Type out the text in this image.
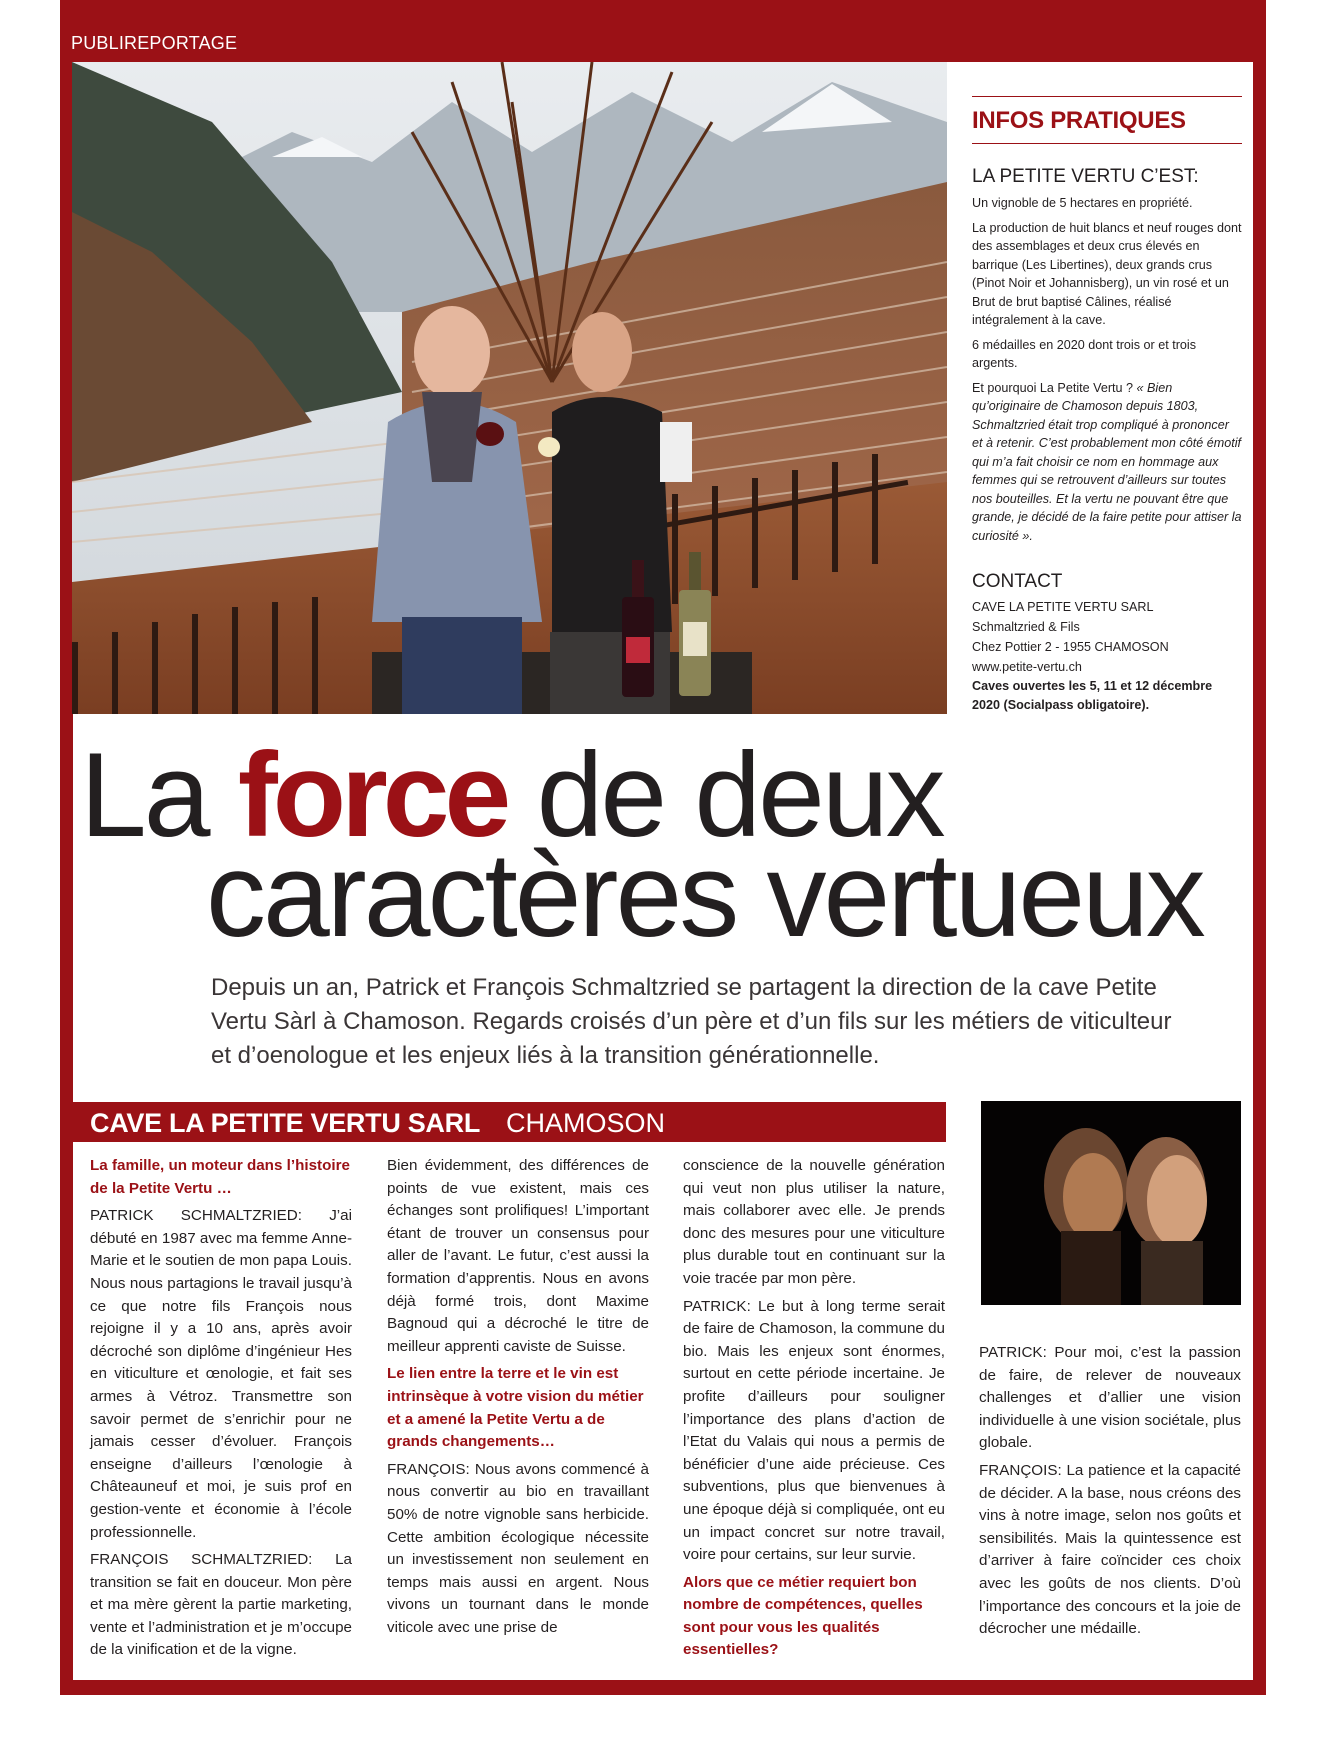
PUBLIREPORTAGE
INFOS PRATIQUES
LA PETITE VERTU C’EST:

Un vignoble de 5 hectares en propriété.

La production de huit blancs et neuf rouges dont des assemblages et deux crus élevés en barrique (Les Libertines), deux grands crus (Pinot Noir et Johannisberg), un vin rosé et un Brut de brut baptisé Câlines, réalisé intégralement à la cave.

6 médailles en 2020 dont trois or et trois argents.

Et pourquoi La Petite Vertu ? « Bien qu’originaire de Chamoson depuis 1803, Schmaltzried était trop compliqué à prononcer et à retenir. C’est probablement mon côté émotif qui m’a fait choisir ce nom en hommage aux femmes qui se retrouvent d’ailleurs sur toutes nos bouteilles. Et la vertu ne pouvant être que grande, je décidé de la faire petite pour attiser la curiosité ».

CONTACT
CAVE LA PETITE VERTU SARL
Schmaltzried & Fils
Chez Pottier 2 - 1955 CHAMOSON
www.petite-vertu.ch
Caves ouvertes les 5, 11 et 12 décembre 2020 (Socialpass obligatoire).
La force de deux
caractères vertueux
Depuis un an, Patrick et François Schmaltzried se partagent la direction de la cave Petite Vertu Sàrl à Chamoson. Regards croisés d’un père et d’un fils sur les métiers de viticulteur et d’oenologue et les enjeux liés à la transition générationnelle.
CAVE LA PETITE VERTU SARL CHAMOSON

La famille, un moteur dans l’histoire de la Petite Vertu …

PATRICK SCHMALTZRIED: J’ai débuté en 1987 avec ma femme Anne-Marie et le soutien de mon papa Louis. Nous nous partagions le travail jusqu’à ce que notre fils François nous rejoigne il y a 10 ans, après avoir décroché son diplôme d’ingénieur Hes en viticulture et œnologie, et fait ses armes à Vétroz. Transmettre son savoir permet de s’enrichir pour ne jamais cesser d’évoluer. François enseigne d’ailleurs l’œnologie à Châteauneuf et moi, je suis prof en gestion-vente et économie à l’école professionnelle.

FRANÇOIS SCHMALTZRIED: La transition se fait en douceur. Mon père et ma mère gèrent la partie marketing, vente et l’administration et je m’occupe de la vinification et de la vigne.

Bien évidemment, des différences de points de vue existent, mais ces échanges sont prolifiques! L’important étant de trouver un consensus pour aller de l’avant. Le futur, c’est aussi la formation d’apprentis. Nous en avons déjà formé trois, dont Maxime Bagnoud qui a décroché le titre de meilleur apprenti caviste de Suisse.

Le lien entre la terre et le vin est intrinsèque à votre vision du métier et a amené la Petite Vertu a de grands changements…

FRANÇOIS: Nous avons commencé à nous convertir au bio en travaillant 50% de notre vignoble sans herbicide. Cette ambition écologique nécessite un investissement non seulement en temps mais aussi en argent. Nous vivons un tournant dans le monde viticole avec une prise de

conscience de la nouvelle génération qui veut non plus utiliser la nature, mais collaborer avec elle. Je prends donc des mesures pour une viticulture plus durable tout en continuant sur la voie tracée par mon père.

PATRICK: Le but à long terme serait de faire de Chamoson, la commune du bio. Mais les enjeux sont énormes, surtout en cette période incertaine. Je profite d’ailleurs pour souligner l’importance des plans d’action de l’Etat du Valais qui nous a permis de bénéficier d’une aide précieuse. Ces subventions, plus que bienvenues à une époque déjà si compliquée, ont eu un impact concret sur notre travail, voire pour certains, sur leur survie.

Alors que ce métier requiert bon nombre de compétences, quelles sont pour vous les qualités essentielles?

PATRICK: Pour moi, c’est la passion de faire, de relever de nouveaux challenges et d’allier une vision individuelle à une vision sociétale, plus globale.

FRANÇOIS: La patience et la capacité de décider. A la base, nous créons des vins à notre image, selon nos goûts et sensibilités. Mais la quintessence est d’arriver à faire coïncider ces choix avec les goûts de nos clients. D’où l’importance des concours et la joie de décrocher une médaille.
